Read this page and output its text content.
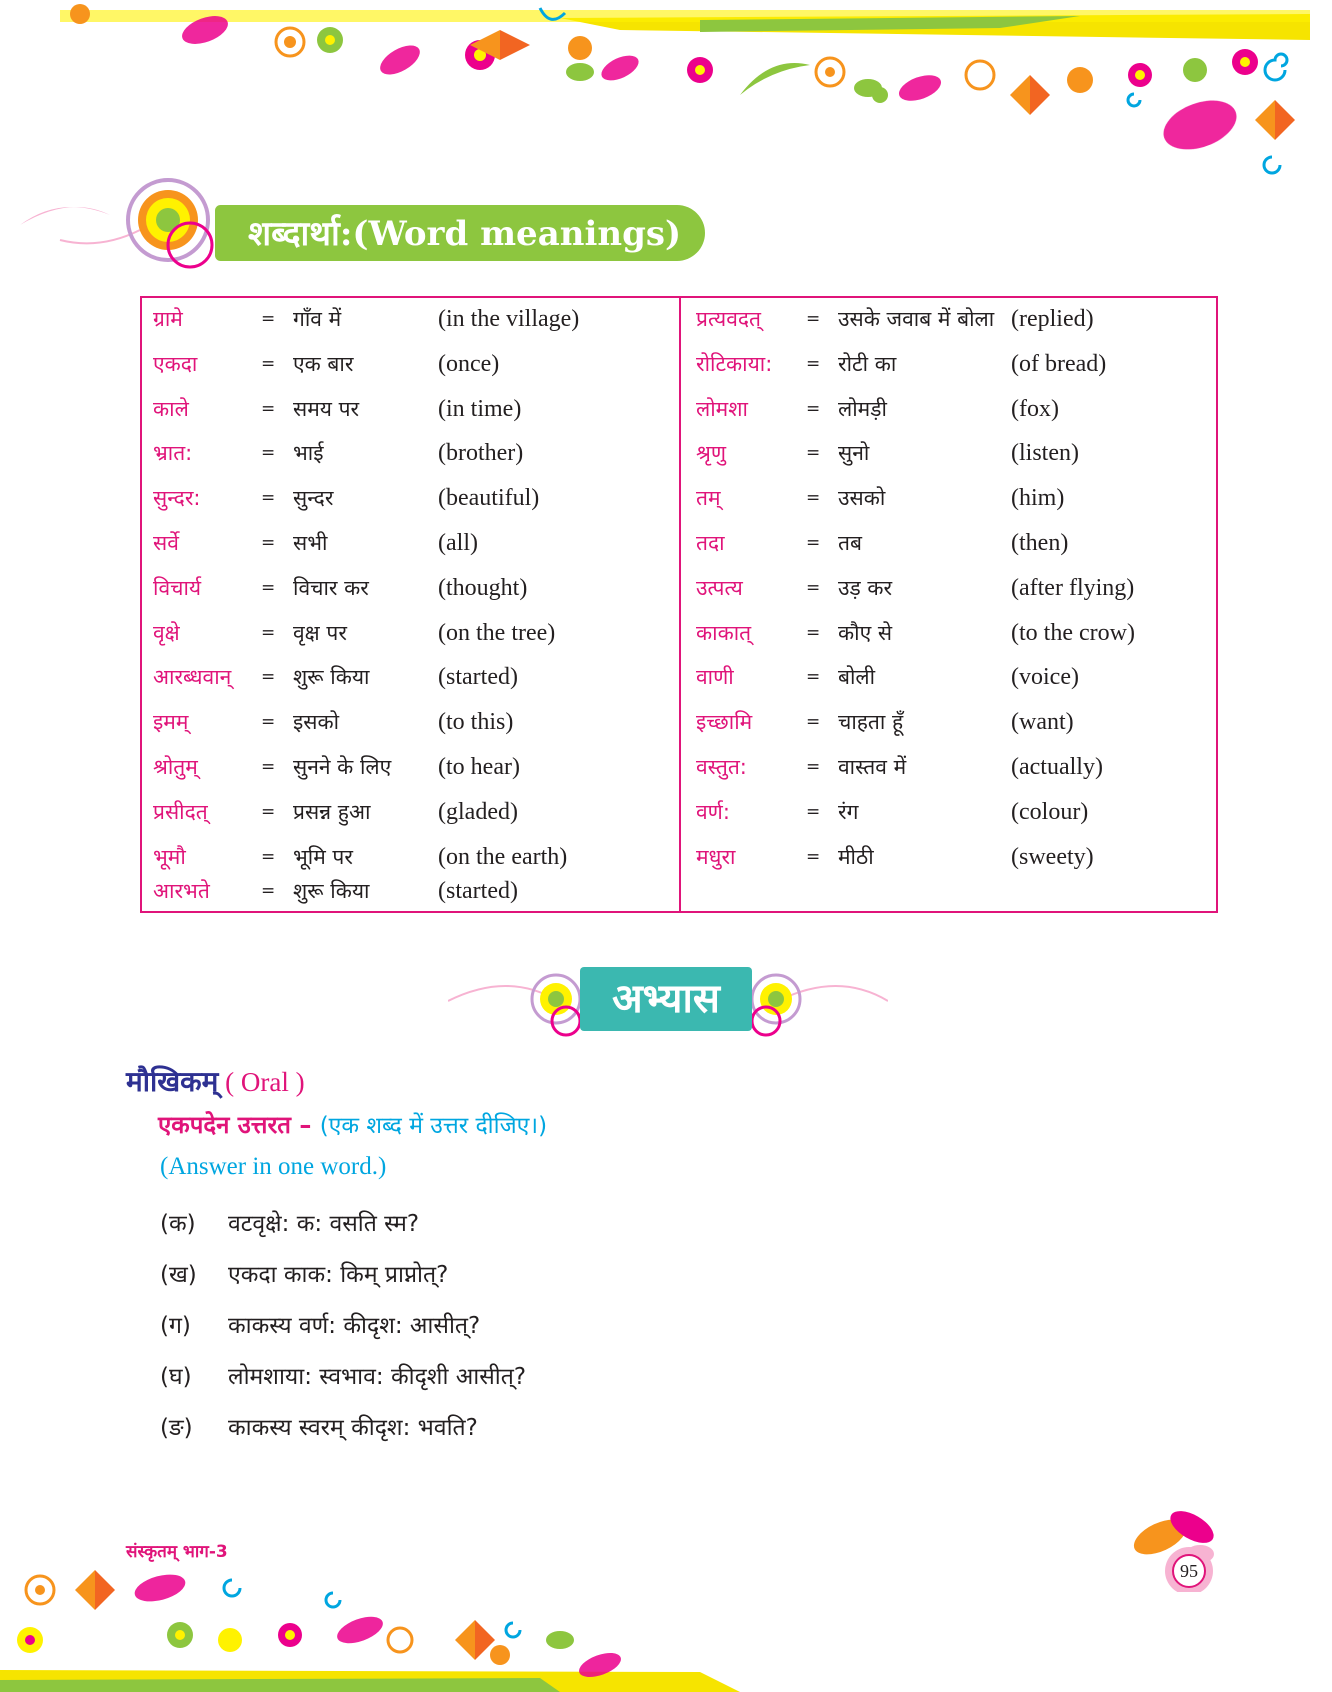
शब्दार्था:(Word meanings)
ग्रामे	= गाँव में	(in the village)
एकदा	= एक बार	(once)
काले	= समय पर	(in time)
भ्रात:	= भाई	(brother)
सुन्दर:	= सुन्दर	(beautiful)
सर्वे	= सभी	(all)
विचार्य	= विचार कर	(thought)
वृक्षे	= वृक्ष पर	(on the tree)
आरब्धवान् = शुरू किया	(started)
इमम्	= इसको	(to this)
श्रोतुम्	= सुनने के लिए (to hear)
प्रसीदत्	= प्रसन्न हुआ	(gladed)
भूमौ	= भूमि पर	(on the earth)
आरभते	= शुरू किया	(started)
प्रत्यवदत्	= उसके जवाब में बोला (replied)
रोटिकाया: = रोटी का	(of bread)
लोमशा	= लोमड़ी	(fox)
श्रृणु	= सुनो	(listen)
तम्	= उसको	(him)
तदा	= तब	(then)
उत्पत्य	= उड़ कर	(after flying)
काकात्	= कौए से	(to the crow)
वाणी	= बोली	(voice)
इच्छामि	= चाहता हूँ	(want)
वस्तुत:	= वास्तव में	(actually)
वर्ण:	= रंग	(colour)
मधुरा	= मीठी	(sweety)
अभ्यास
मौखिकम् ( Oral )
एकपदेन उत्तरत – (एक शब्द में उत्तर दीजिए।)
(Answer in one word.)
(क)	वटवृक्षे: क: वसति स्म?
(ख)	एकदा काक: किम् प्राप्नोत्?
(ग)	काकस्य वर्ण: कीदृश: आसीत्?
(घ)	लोमशाया: स्वभाव: कीदृशी आसीत्?
(ङ)	काकस्य स्वरम् कीदृश: भवति?
संस्कृतम् भाग-3
95
